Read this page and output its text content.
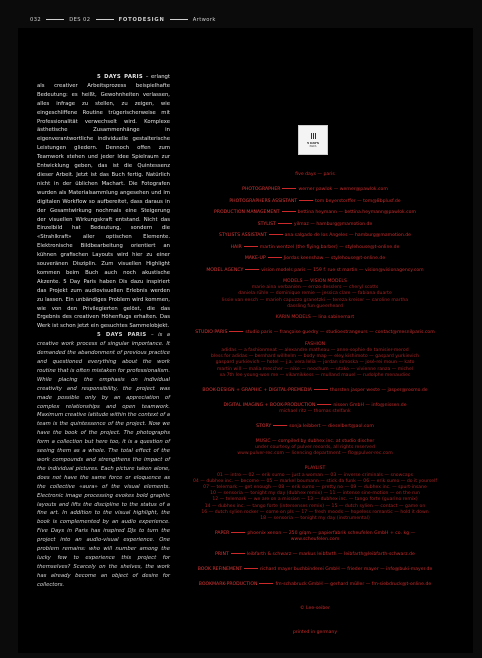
032	DES 02	FOTODESIGN	Artwork

5 DAYS PARIS – erlangt als creativer Arbeitsprozess beispielhafte Bedeutung: es heißt, Gewohnheiten verlassen, alles infrage zu stellen, zu zeigen, wie eingeschliffene Routine trügerischerweise mit Professionalität verwechselt wird. Komplexe ästhetische Zusammenhänge in eigenverantwortliche individuelle gestalterische Leistungen gliedern. Dennoch offen zum Teamwork stehen und jeder Idee Spielraum zur Entwicklung geben, das ist die Quintessenz dieser Arbeit. Jetzt ist das Buch fertig. Natürlich nicht in der üblichen Machart. Die Fotografen wurden als Materialsammlung angesehen und im digitalen Workflow so aufbereitet, dass daraus in der Gesamtwirkung nochmals eine Steigerung der visuellen Wirkungskraft entstand. Nicht das Einzelbild hat Bedeutung, sondern die «Strahlkraft» aller optischen Elemente. Elektronische Bildbearbeitung orientiert an kühnen grafischen Layouts wird hier zu einer souveränen Disziplin. Zum visuellen Highlight kommen beim Buch auch noch akustische Akzente. 5 Day Paris haben Dis dazu inspiriert das Projekt zum audiovisuellen Erlebnis werden zu lassen. Ein unbändiges Problem wird kommen, wie von den Privilegierten gelöst, die das Ergebnis des creativen Höhenflugs erhalten. Das Werk ist schon jetzt ein gesuchtes Sammelobjekt.

5 DAYS PARIS – is a creative work process of singular importance. It demanded the abandonment of previous practice and questioned everything about the work routine that is often mistaken for professionalism. While placing the emphasis on individual creativity and responsibility, the project was made possible only by an appreciation of complex relationships and open teamwork. Maximum creative latitude within the context of a team is the quintessence of the project. Now we have the book of the project. The photographs form a collection but here too, it is a question of seeing them as a whole. The total effect of the work compounds and strengthens the impact of the individual pictures. Each picture taken alone, does not have the same force or eloquence as the collective «aura» of the visual elements. Electronic image processing evokes bold graphic layouts and lifts the discipline to the status of a fine art. In addition to the visual highlight, the book is complemented by an audio experience. Five Days in Paris has inspired DJs to turn the project into an audio-visual experience. One problem remains: who will number among the lucky few to experience this project for themselves? Scarcely on the shelves, the work has already become an object of desire for collectors.

5 DAYS
PARIS

five days — paris

PHOTOGRAPHER	werner pawlok — werner@pawlok.com

PHOTOGRAPHERS ASSISTANT	tom beyerstorffer — tom@8bplusf.de

PRODUCTION MANAGEMENT	bettina heymann — bettina.heymann@pawlok.com

STYLIST	yilmaz — hamburg@mamotion.de

STYLISTS ASSISTANT	ana salgado de los Angeles — hamburg@mamotion.de

HAIR	martin wentzel (the flying barber) — stylehouse@t-online.de

MAKE-UP	Jiordas keenshaw — stylehouse@t-online.de

MODEL AGENCY	vision models paris — 159 f. rue st martin — vision@visionagency.com

MODELS — VISION MODELS

marie aina verbanien — ernzo desslers — cheryl scotts

daniela rühle — dominique remie — jessica clare — fabiana duarte

lissie van eesch — marieh capuzzo granetzki — tereza kreiser — caroline martha

dassling fun gueerheard

KARIN MODELS — lina sabinemart

STUDIO PARIS	studio paris — françoise guedry — studioestrangeurs — contact@mesnilparis.com

FASHION

adidas — a fashionmeat — alexandre matheau — anne-sophie de tamisier-merod

bless for adidas — bernhard willhelm — body map — eley kishimoto — gaspard yurkievich

gaspard yurkievich — hotel — j.a. vera lelia — jordan simoska — josé-rei moun — kato

martin will — malia meccher — nike — neochum — utako — vivienne ranza — michel

xa 7th lee young-won me — vikamikkess — mulland mauel — rudolphe menaudiec

BOOK-DESIGN + GRAPHIC + DIGITAL-PREMEDIA	thorsten jasper weste — jasper@rosmo.de

DIGITAL IMAGING + BOOK-PRODUCTION	nissen GmbH — info@nissen.de

michael ritz — thomas stelfank

STORY	sonja leibbert — dieselbert@aol.com

MUSIC — compiled by dubhex inc. at studio discher

under courtesy of pulver records, all rights reserved

www.pulver-rec.com — licencing department — flo@pulver-rec.com

PLAYLIST

01 — intro — 02 — erik sumo — just a woman — 03 — inverse criminals — snowcaps

04 — dubhex inc. — become — 05 — markel boumann — stick da funk — 06 — erik sumo — do it yourself

07 — telemark — get enough — 08 — erik sumo — pretty no — 09 — dubhex inc. — spurt-insane

10 — sensoria — tonight my day (dubhex remix) — 11 — intense sine-motion — on the run

12 — telemark — we are on a mission — 13 — dubhex inc. — tango forte (guarino remix)

14 — dubhex inc. — tango forte (intersenses remix) — 15 — dutch sylien — contact — game on

16 — dutch sylien rocker — come on pls — 17 — fresh moods — hopeless romantic — hold it down

18 — sensoria — tonight my day (instrumental)

PAPER	phoenix xenon — 250 g/qm — papierfabrik scheufelen GmbH + co. kg — www.scheufelen.com

PRINT	leibfarth & schwarz — markus leibfarth — leibfarth@leibfarth-schwarz.de

BOOK REFINEMENT	richard mayer buchbinderei GmbH — frieder mayer — info@buki-mayer.de

BOOKMARK-PRODUCTION	fm-schabruck GmbH — gerhard müller — fm-siebdruck@t-online.de

© Lee-seiber

printed in germany
